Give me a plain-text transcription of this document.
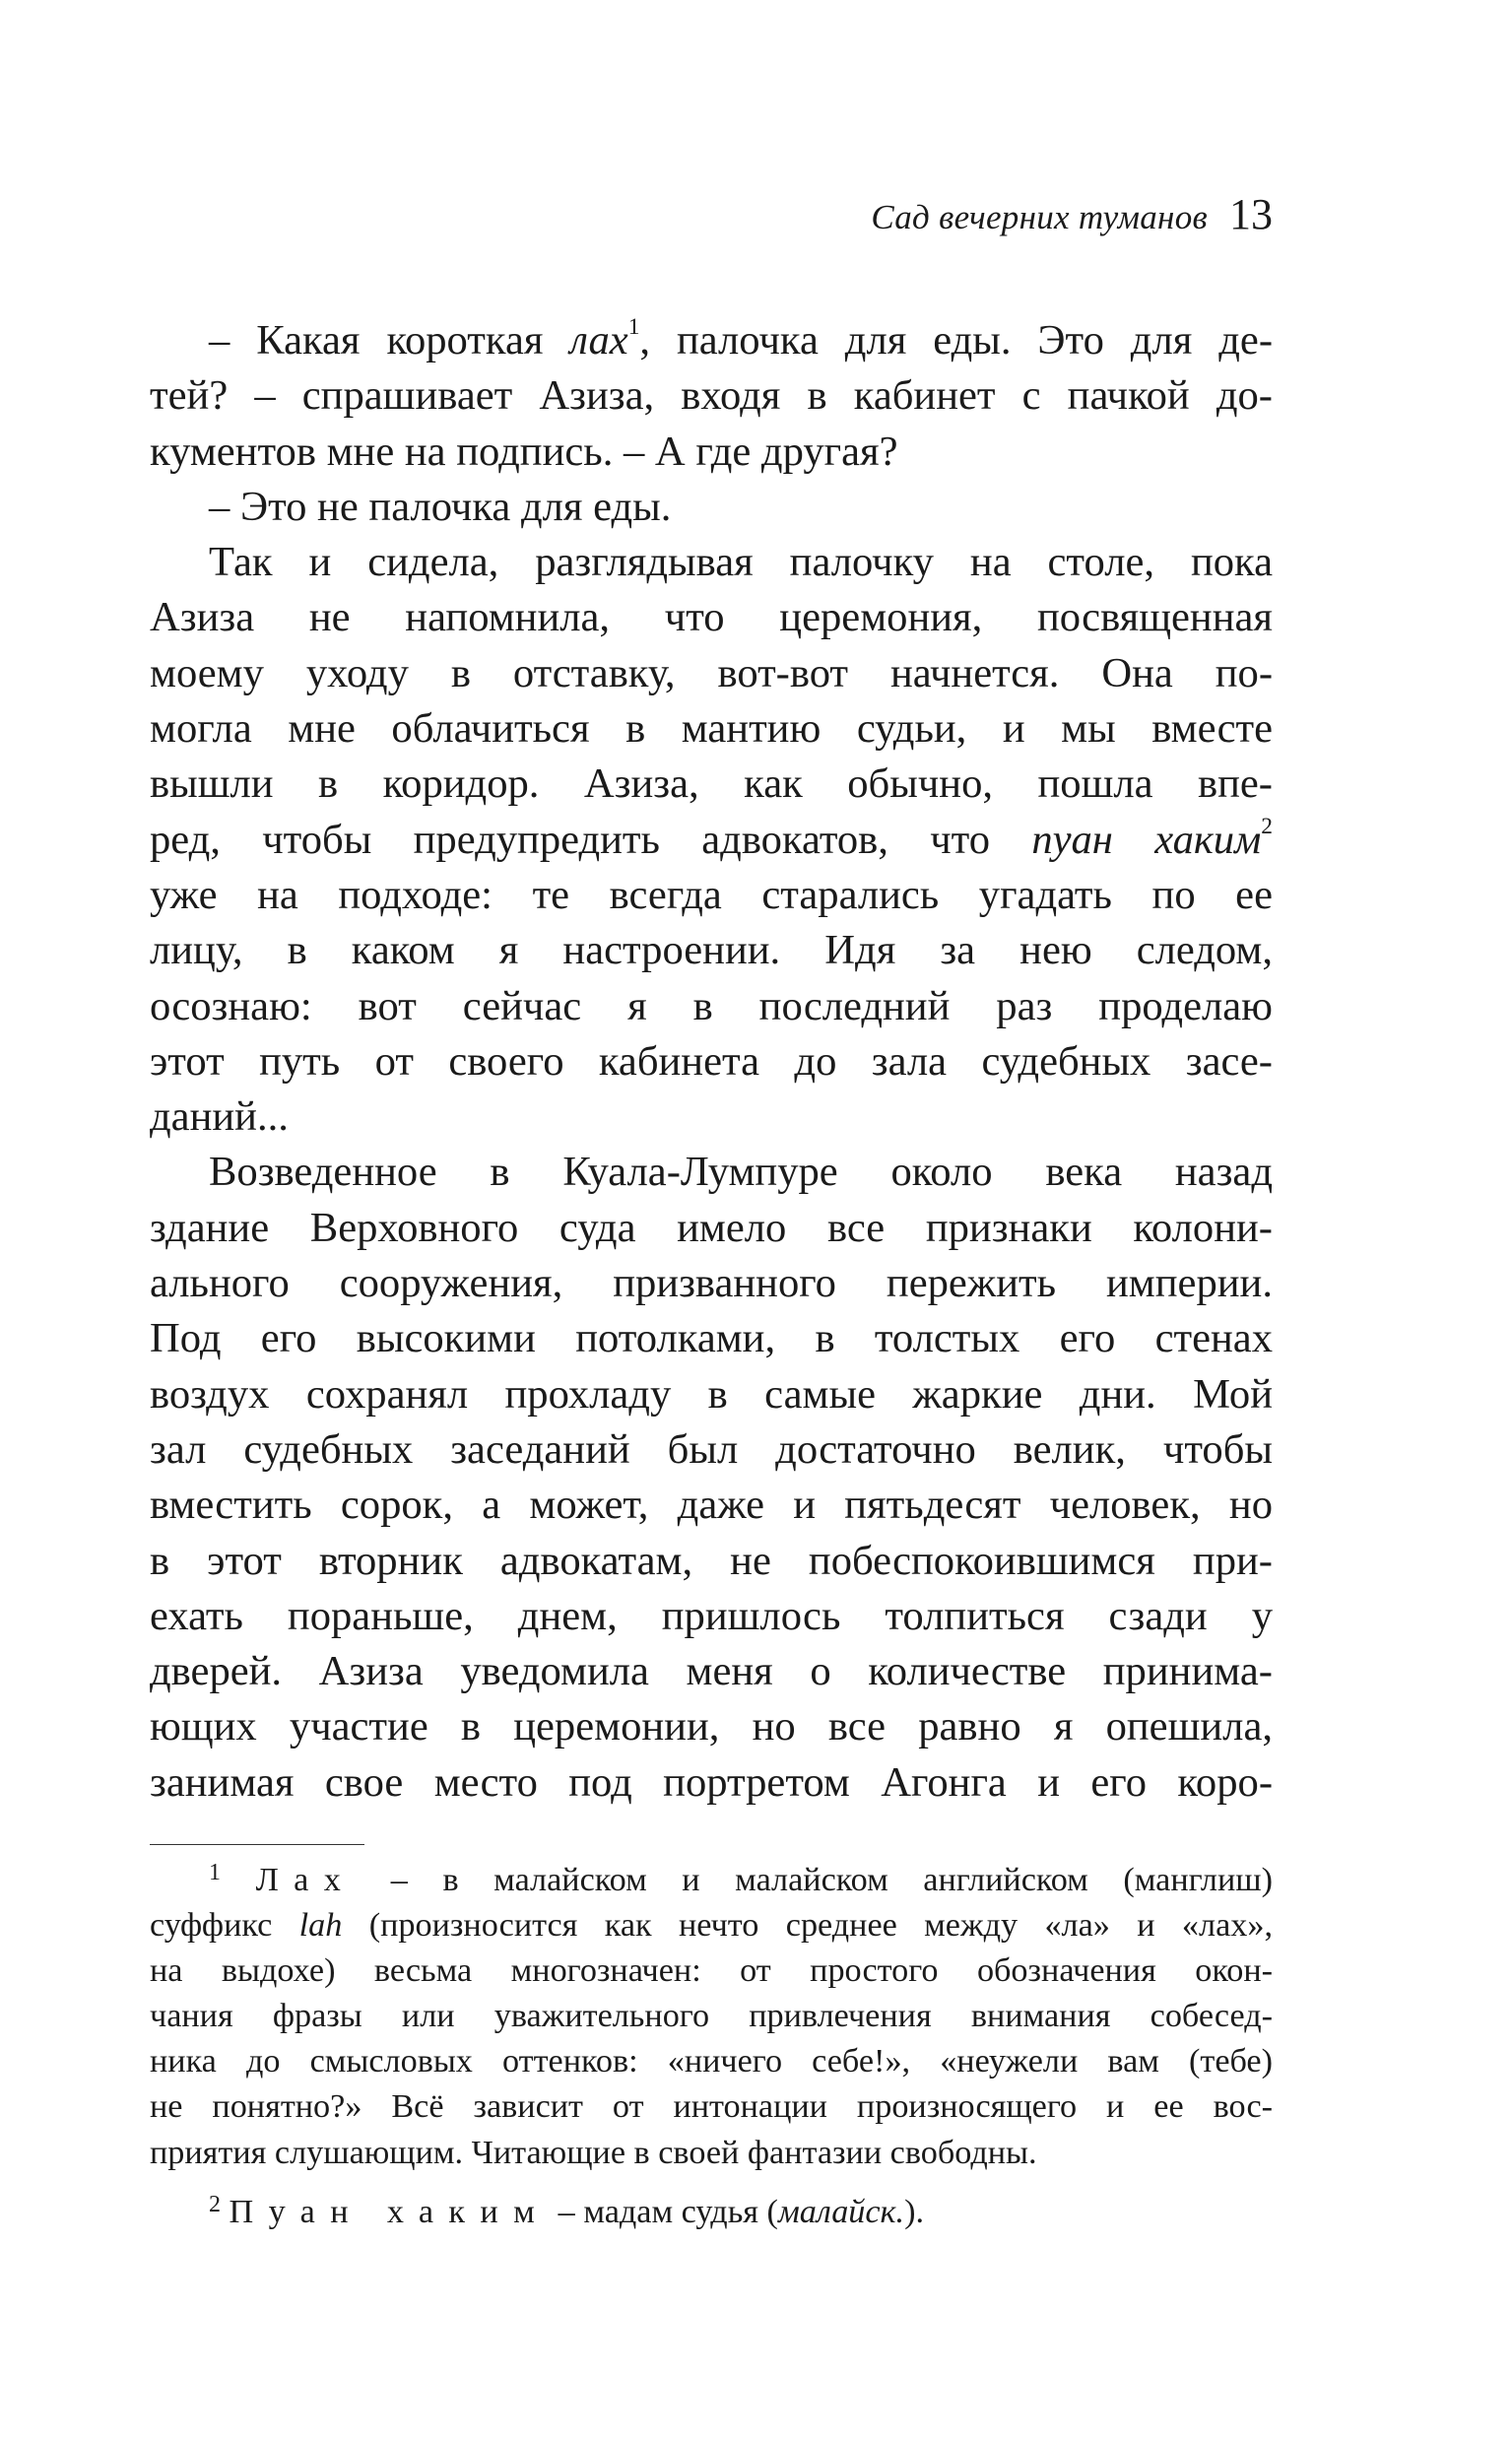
Сад вечерних туманов 13
– Какая короткая лах$^1$, палочка для еды. Это для де-
тей? – спрашивает Азиза, входя в кабинет с пачкой до-
кументов мне на подпись. – А где другая?
– Это не палочка для еды.
Так и сидела, разглядывая палочку на столе, пока
Азиза не напомнила, что церемония, посвященная
моему уходу в отставку, вот-вот начнется. Она по-
могла мне облачиться в мантию судьи, и мы вместе
вышли в коридор. Азиза, как обычно, пошла впе-
ред, чтобы предупредить адвокатов, что пуан хаким$^2$
уже на подходе: те всегда старались угадать по ее
лицу, в каком я настроении. Идя за нею следом,
осознаю: вот сейчас я в последний раз проделаю
этот путь от своего кабинета до зала судебных засе-
даний...
Возведенное в Куала-Лумпуре около века назад
здание Верховного суда имело все признаки колони-
ального сооружения, призванного пережить империи.
Под его высокими потолками, в толстых его стенах
воздух сохранял прохладу в самые жаркие дни. Мой
зал судебных заседаний был достаточно велик, чтобы
вместить сорок, а может, даже и пятьдесят человек, но
в этот вторник адвокатам, не побеспокоившимся при-
ехать пораньше, днем, пришлось толпиться сзади у
дверей. Азиза уведомила меня о количестве принима-
ющих участие в церемонии, но все равно я опешила,
занимая свое место под портретом Агонга и его коро-
$^1$ Лах – в малайском и малайском английском (манглиш)
суффикс lah (произносится как нечто среднее между «ла» и «лах»,
на выдохе) весьма многозначен: от простого обозначения окон-
чания фразы или уважительного привлечения внимания собесед-
ника до смысловых оттенков: «ничего себе!», «неужели вам (тебе)
не понятно?» Всё зависит от интонации произносящего и ее вос-
приятия слушающим. Читающие в своей фантазии свободны.
$^2$ Пуан хаким – мадам судья (малайск.).
